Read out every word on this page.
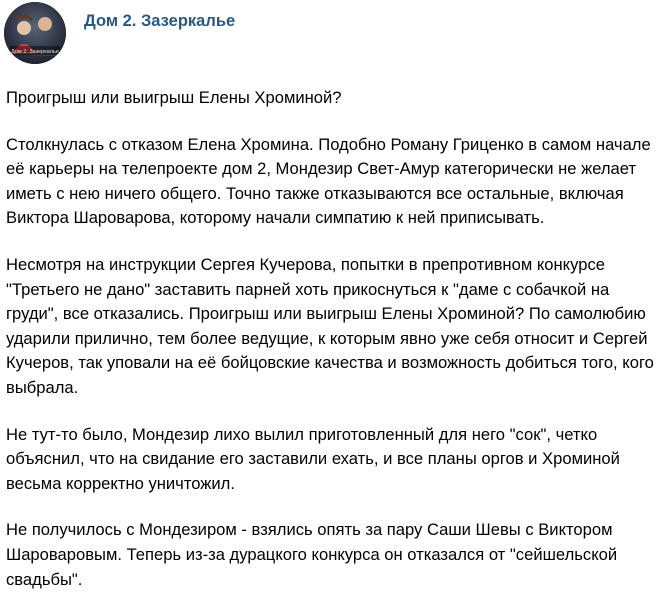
Дом 2. Зазеркалье
Дом 2. Зазеркалье
Проигрыш или выигрыш Елены Хроминой?
Столкнулась с отказом Елена Хромина. Подобно Роману Гриценко в самом начале её карьеры на телепроекте дом 2, Мондезир Свет-Амур категорически не желает иметь с нею ничего общего. Точно также отказываются все остальные, включая Виктора Шароварова, которому начали симпатию к ней приписывать.
Несмотря на инструкции Сергея Кучерова, попытки в препротивном конкурсе "Третьего не дано" заставить парней хоть прикоснуться к "даме с собачкой на груди", все отказались. Проигрыш или выигрыш Елены Хроминой? По самолюбию ударили прилично, тем более ведущие, к которым явно уже себя относит и Сергей Кучеров, так уповали на её бойцовские качества и возможность добиться того, кого выбрала.
Не тут-то было, Мондезир лихо вылил приготовленный для него "сок", четко объяснил, что на свидание его заставили ехать, и все планы оргов и Хроминой весьма корректно уничтожил.
Не получилось с Мондезиром - взялись опять за пару Саши Шевы с Виктором Шароваровым. Теперь из-за дурацкого конкурса он отказался от "сейшельской свадьбы".
